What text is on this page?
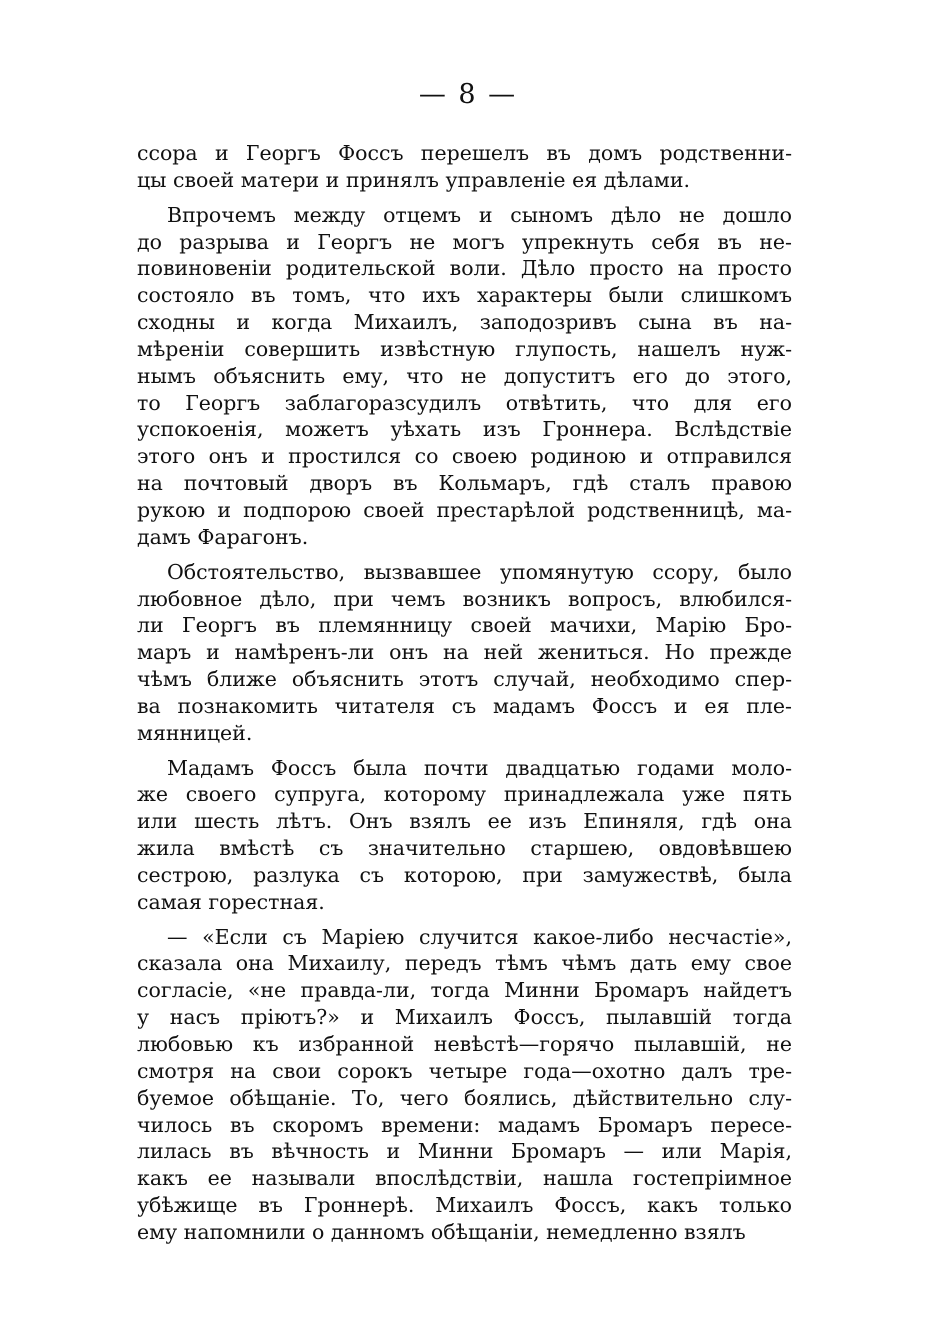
— 8 —
ссора и Георгъ Фоссъ перешелъ въ домъ родственни-
цы своей матери и принялъ управленіе ея дѣлами.
Впрочемъ между отцемъ и сыномъ дѣло не дошло
до разрыва и Георгъ не могъ упрекнуть себя въ не-
повиновеніи родительской воли. Дѣло просто на просто
состояло въ томъ, что ихъ характеры были слишкомъ
сходны и когда Михаилъ, заподозривъ сына въ на-
мѣреніи совершить извѣстную глупость, нашелъ нуж-
нымъ объяснить ему, что не допуститъ его до этого,
то Георгъ заблагоразсудилъ отвѣтить, что для его
успокоенія, можетъ уѣхать изъ Гроннера. Вслѣдствіе
этого онъ и простился со своею родиною и отправился
на почтовый дворъ въ Кольмаръ, гдѣ сталъ правою
рукою и подпорою своей престарѣлой родственницѣ, ма-
дамъ Фарагонъ.
Обстоятельство, вызвавшее упомянутую ссору, было
любовное дѣло, при чемъ возникъ вопросъ, влюбился-
ли Георгъ въ племянницу своей мачихи, Марію Бро-
маръ и намѣренъ-ли онъ на ней жениться. Но прежде
чѣмъ ближе объяснить этотъ случай, необходимо спер-
ва познакомить читателя съ мадамъ Фоссъ и ея пле-
мянницей.
Мадамъ Фоссъ была почти двадцатью годами моло-
же своего супруга, которому принадлежала уже пять
или шесть лѣтъ. Онъ взялъ ее изъ Епиняля, гдѣ она
жила вмѣстѣ съ значительно старшею, овдовѣвшею
сестрою, разлука съ которою, при замужествѣ, была
самая горестная.
— «Если съ Маріею случится какое-либо несчастіе»,
сказала она Михаилу, передъ тѣмъ чѣмъ дать ему свое
согласіе, «не правда-ли, тогда Минни Бромаръ найдетъ
у насъ пріютъ?» и Михаилъ Фоссъ, пылавшій тогда
любовью къ избранной невѣстѣ—горячо пылавшій, не
смотря на свои сорокъ четыре года—охотно далъ тре-
буемое обѣщаніе. То, чего боялись, дѣйствительно слу-
чилось въ скоромъ времени: мадамъ Бромаръ пересе-
лилась въ вѣчность и Минни Бромаръ — или Марія,
какъ ее называли впослѣдствіи, нашла гостепріимное
убѣжище въ Гроннерѣ. Михаилъ Фоссъ, какъ только
ему напомнили о данномъ обѣщаніи, немедленно взялъ
